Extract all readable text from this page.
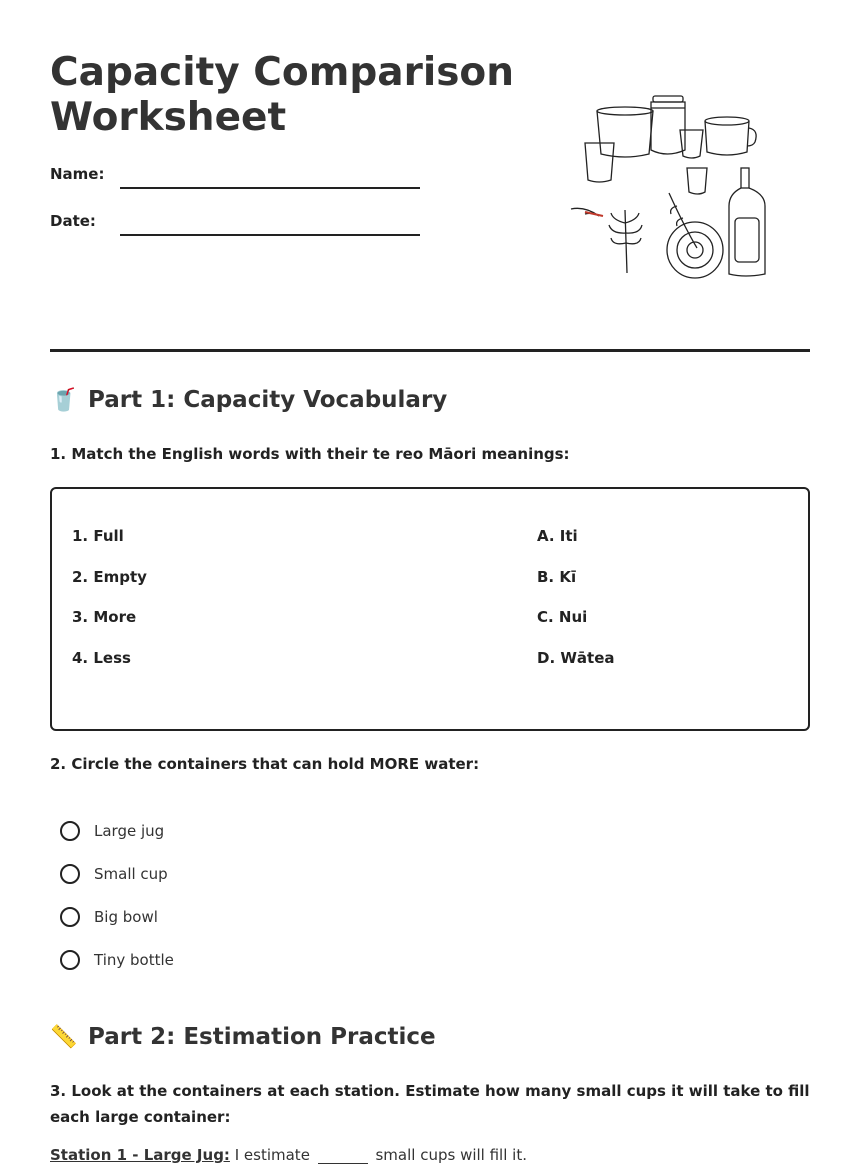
Capacity Comparison Worksheet
Name:
Date:
🥤 Part 1: Capacity Vocabulary

1. Match the English words with their te reo Māori meanings:

1. Full
2. Empty
3. More
4. Less
A. Iti
B. Kī
C. Nui
D. Wātea

2. Circle the containers that can hold MORE water:

Large jug
Small cup
Big bowl
Tiny bottle
📏 Part 2: Estimation Practice

3. Look at the containers at each station. Estimate how many small cups it will take to fill each large container:

Station 1 - Large Jug: I estimate	small cups will fill it.
